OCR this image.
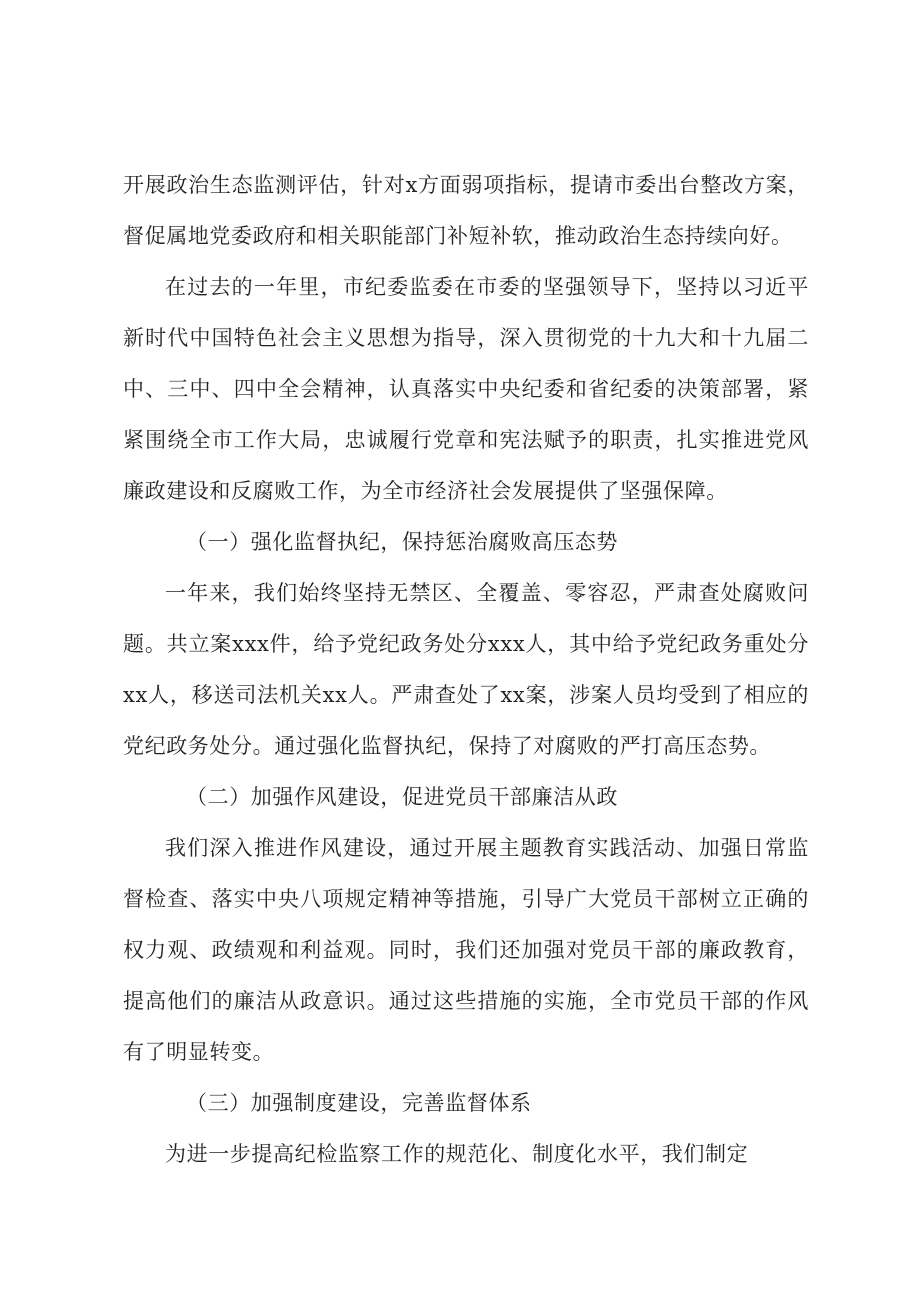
开展政治生态监测评估，针对x方面弱项指标，提请市委出台整改方案，督促属地党委政府和相关职能部门补短补软，推动政治生态持续向好。

在过去的一年里，市纪委监委在市委的坚强领导下，坚持以习近平新时代中国特色社会主义思想为指导，深入贯彻党的十九大和十九届二中、三中、四中全会精神，认真落实中央纪委和省纪委的决策部署，紧紧围绕全市工作大局，忠诚履行党章和宪法赋予的职责，扎实推进党风廉政建设和反腐败工作，为全市经济社会发展提供了坚强保障。

（一）强化监督执纪，保持惩治腐败高压态势

一年来，我们始终坚持无禁区、全覆盖、零容忍，严肃查处腐败问题。共立案xxx件，给予党纪政务处分xxx人，其中给予党纪政务重处分xx人，移送司法机关xx人。严肃查处了xx案，涉案人员均受到了相应的党纪政务处分。通过强化监督执纪，保持了对腐败的严打高压态势。

（二）加强作风建设，促进党员干部廉洁从政

我们深入推进作风建设，通过开展主题教育实践活动、加强日常监督检查、落实中央八项规定精神等措施，引导广大党员干部树立正确的权力观、政绩观和利益观。同时，我们还加强对党员干部的廉政教育，提高他们的廉洁从政意识。通过这些措施的实施，全市党员干部的作风有了明显转变。

（三）加强制度建设，完善监督体系

为进一步提高纪检监察工作的规范化、制度化水平，我们制定
